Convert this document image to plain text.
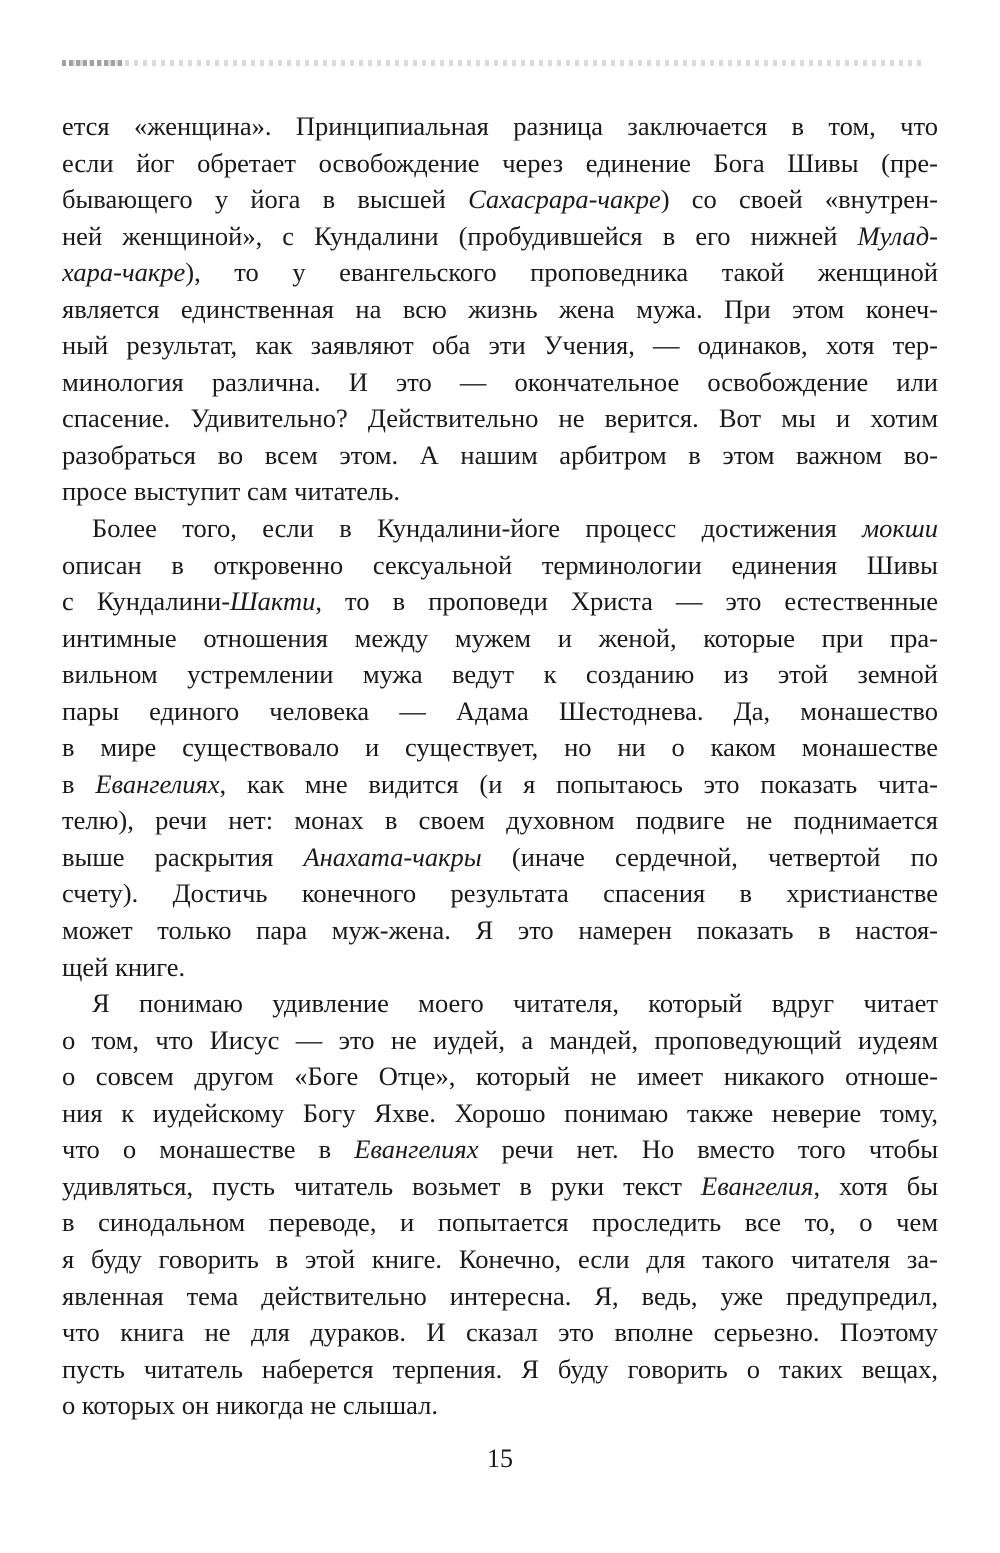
ется «женщина». Принципиальная разница заключается в том, что
если йог обретает освобождение через единение Бога Шивы (пре-
бывающего у йога в высшей Сахасрара-чакре) со своей «внутрен-
ней женщиной», с Кундалини (пробудившейся в его нижней Мулад-
хара-чакре), то у евангельского проповедника такой женщиной
является единственная на всю жизнь жена мужа. При этом конеч-
ный результат, как заявляют оба эти Учения, — одинаков, хотя тер-
минология различна. И это — окончательное освобождение или
спасение. Удивительно? Действительно не верится. Вот мы и хотим
разобраться во всем этом. А нашим арбитром в этом важном во-
просе выступит сам читатель.
Более того, если в Кундалини-йоге процесс достижения мокши
описан в откровенно сексуальной терминологии единения Шивы
с Кундалини-Шакти, то в проповеди Христа — это естественные
интимные отношения между мужем и женой, которые при пра-
вильном устремлении мужа ведут к созданию из этой земной
пары единого человека — Адама Шестоднева. Да, монашество
в мире существовало и существует, но ни о каком монашестве
в Евангелиях, как мне видится (и я попытаюсь это показать чита-
телю), речи нет: монах в своем духовном подвиге не поднимается
выше раскрытия Анахата-чакры (иначе сердечной, четвертой по
счету). Достичь конечного результата спасения в христианстве
может только пара муж-жена. Я это намерен показать в настоя-
щей книге.
Я понимаю удивление моего читателя, который вдруг читает
о том, что Иисус — это не иудей, а мандей, проповедующий иудеям
о совсем другом «Боге Отце», который не имеет никакого отноше-
ния к иудейскому Богу Яхве. Хорошо понимаю также неверие тому,
что о монашестве в Евангелиях речи нет. Но вместо того чтобы
удивляться, пусть читатель возьмет в руки текст Евангелия, хотя бы
в синодальном переводе, и попытается проследить все то, о чем
я буду говорить в этой книге. Конечно, если для такого читателя за-
явленная тема действительно интересна. Я, ведь, уже предупредил,
что книга не для дураков. И сказал это вполне серьезно. Поэтому
пусть читатель наберется терпения. Я буду говорить о таких вещах,
о которых он никогда не слышал.
15
